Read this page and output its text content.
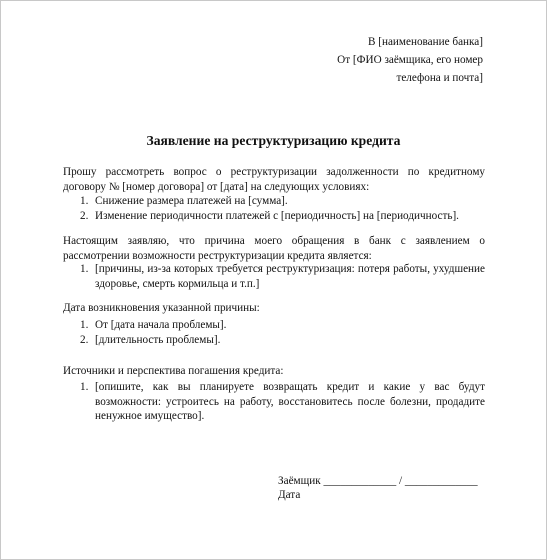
В [наименование банка]
От [ФИО заёмщика, его номер
телефона и почта]
Заявление на реструктуризацию кредита

Прошу рассмотреть вопрос о реструктуризации задолженности по кредитному договору № [номер договора] от [дата] на следующих условиях:

1. Снижение размера платежей на [сумма].
2. Изменение периодичности платежей с [периодичность] на [периодичность].

Настоящим заявляю, что причина моего обращения в банк с заявлением о рассмотрении возможности реструктуризации кредита является:

1. [причины, из-за которых требуется реструктуризация: потеря работы, ухудшение здоровье, смерть кормильца и т.п.]

Дата возникновения указанной причины:

1. От [дата начала проблемы].
2. [длительность проблемы].

Источники и перспектива погашения кредита:

1. [опишите, как вы планируете возвращать кредит и какие у вас будут возможности: устроитесь на работу, восстановитесь после болезни, продадите ненужное имущество].
Заёмщик _____________ / _____________
Дата
